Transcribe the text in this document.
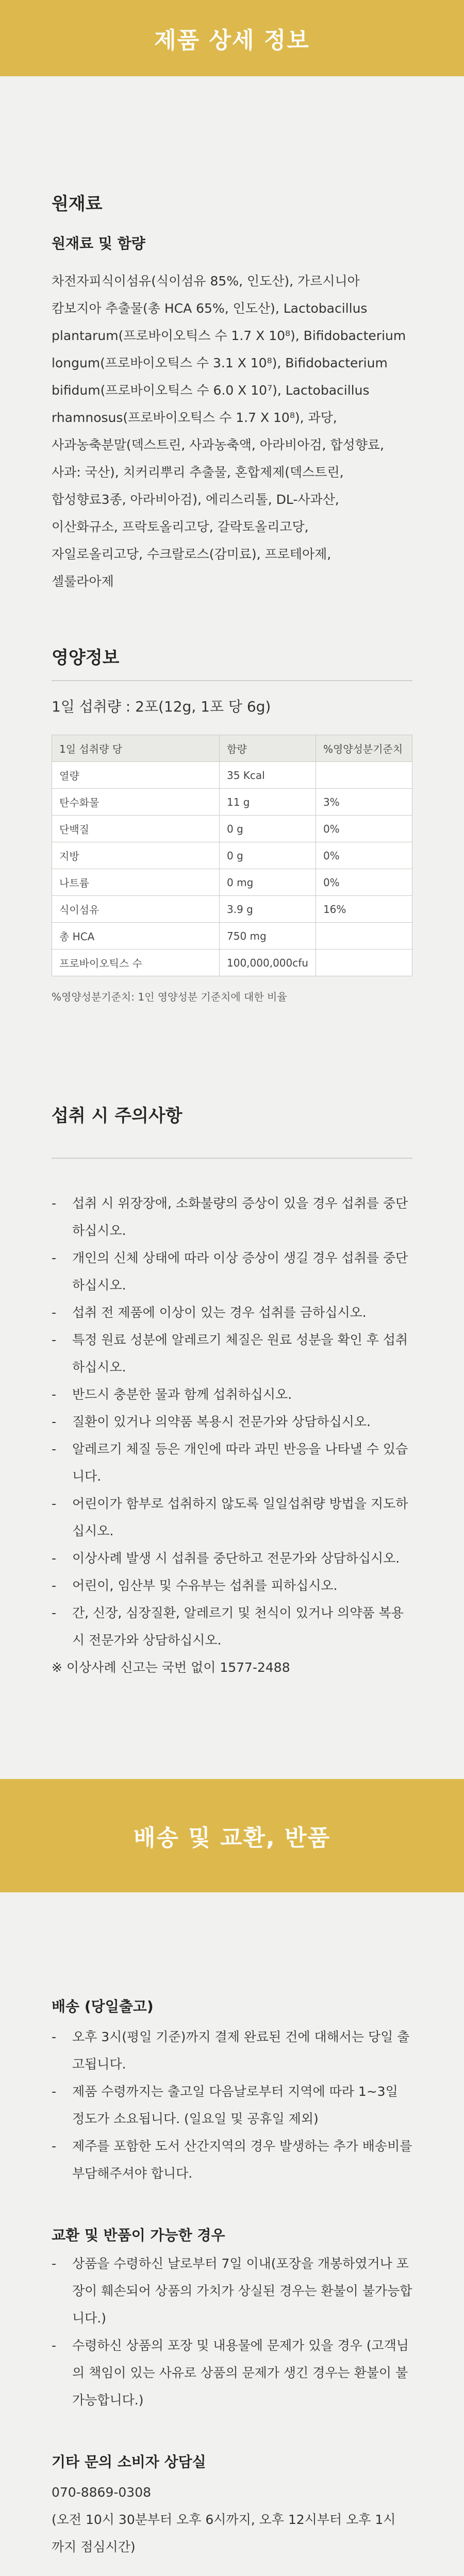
제품 상세 정보
원재료
원재료 및 함량
차전자피식이섬유(식이섬유 85%, 인도산), 가르시니아
캄보지아 추출물(총 HCA 65%, 인도산), Lactobacillus
plantarum(프로바이오틱스 수 1.7 X 10⁸), Bifidobacterium
longum(프로바이오틱스 수 3.1 X 10⁸), Bifidobacterium
bifidum(프로바이오틱스 수 6.0 X 10⁷), Lactobacillus
rhamnosus(프로바이오틱스 수 1.7 X 10⁸), 과당,
사과농축분말(덱스트린, 사과농축액, 아라비아검, 합성향료,
사과: 국산), 치커리뿌리 추출물, 혼합제제(덱스트린,
합성향료3종, 아라비아검), 에리스리톨, DL-사과산,
이산화규소, 프락토올리고당, 갈락토올리고당,
자일로올리고당, 수크랄로스(감미료), 프로테아제,
셀룰라아제
영양정보
1일 섭취량 : 2포(12g, 1포 당 6g)
1일 섭취량 당	함량	%영양성분기준치
열량	35 Kcal	
탄수화물	11 g	3%
단백질	0 g	0%
지방	0 g	0%
나트륨	0 mg	0%
식이섬유	3.9 g	16%
총 HCA	750 mg	
프로바이오틱스 수	100,000,000cfu	
%영양성분기준치: 1인 영양성분 기준치에 대한 비율
섭취 시 주의사항
- 섭취 시 위장장애, 소화불량의 증상이 있을 경우 섭취를 중단하십시오.
- 개인의 신체 상태에 따라 이상 증상이 생길 경우 섭취를 중단하십시오.
- 섭취 전 제품에 이상이 있는 경우 섭취를 금하십시오.
- 특정 원료 성분에 알레르기 체질은 원료 성분을 확인 후 섭취하십시오.
- 반드시 충분한 물과 함께 섭취하십시오.
- 질환이 있거나 의약품 복용시 전문가와 상담하십시오.
- 알레르기 체질 등은 개인에 따라 과민 반응을 나타낼 수 있습니다.
- 어린이가 함부로 섭취하지 않도록 일일섭취량 방법을 지도하십시오.
- 이상사례 발생 시 섭취를 중단하고 전문가와 상담하십시오.
- 어린이, 임산부 및 수유부는 섭취를 피하십시오.
- 간, 신장, 심장질환, 알레르기 및 천식이 있거나 의약품 복용 시 전문가와 상담하십시오.
※ 이상사례 신고는 국번 없이 1577-2488
배송 및 교환, 반품
배송 (당일출고)
- 오후 3시(평일 기준)까지 결제 완료된 건에 대해서는 당일 출고됩니다.
- 제품 수령까지는 출고일 다음날로부터 지역에 따라 1~3일 정도가 소요됩니다. (일요일 및 공휴일 제외)
- 제주를 포함한 도서 산간지역의 경우 발생하는 추가 배송비를 부담해주셔야 합니다.
교환 및 반품이 가능한 경우
- 상품을 수령하신 날로부터 7일 이내(포장을 개봉하였거나 포장이 훼손되어 상품의 가치가 상실된 경우는 환불이 불가능합니다.)
- 수령하신 상품의 포장 및 내용물에 문제가 있을 경우 (고객님의 책임이 있는 사유로 상품의 문제가 생긴 경우는 환불이 불가능합니다.)
기타 문의 소비자 상담실
070-8869-0308
(오전 10시 30분부터 오후 6시까지, 오후 12시부터 오후 1시까지 점심시간)
